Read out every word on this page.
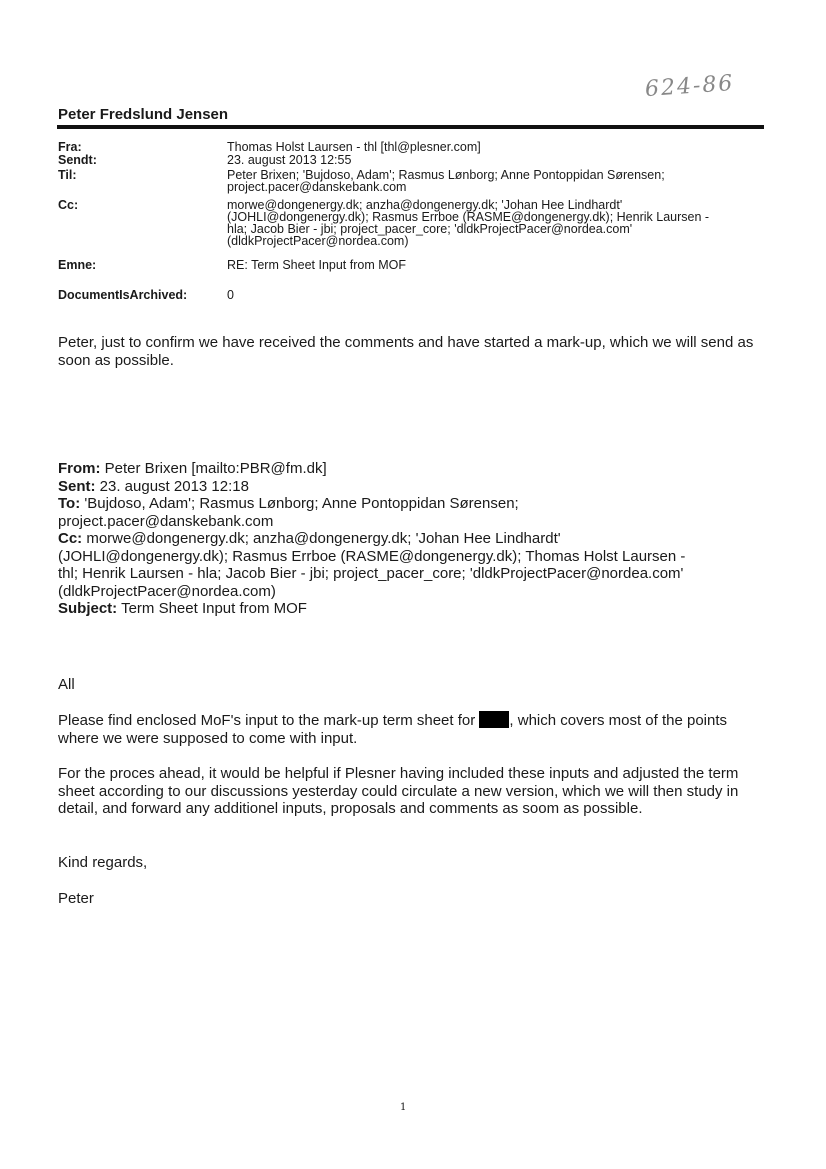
624-86
Peter Fredslund Jensen
Fra:	Thomas Holst Laursen - thl [thl@plesner.com]
Sendt:	23. august 2013 12:55
Til:	Peter Brixen; 'Bujdoso, Adam'; Rasmus Lønborg; Anne Pontoppidan Sørensen;
project.pacer@danskebank.com
Cc:	morwe@dongenergy.dk; anzha@dongenergy.dk; 'Johan Hee Lindhardt'
(JOHLI@dongenergy.dk); Rasmus Errboe (RASME@dongenergy.dk); Henrik Laursen -
hla; Jacob Bier - jbi; project_pacer_core; 'dldkProjectPacer@nordea.com'
(dldkProjectPacer@nordea.com)
Emne:	RE: Term Sheet Input from MOF
DocumentIsArchived:	0
Peter, just to confirm we have received the comments and have started a mark-up, which we will send as soon as possible.
From: Peter Brixen [mailto:PBR@fm.dk]
Sent: 23. august 2013 12:18
To: 'Bujdoso, Adam'; Rasmus Lønborg; Anne Pontoppidan Sørensen;
project.pacer@danskebank.com
Cc: morwe@dongenergy.dk; anzha@dongenergy.dk; 'Johan Hee Lindhardt'
(JOHLI@dongenergy.dk); Rasmus Errboe (RASME@dongenergy.dk); Thomas Holst Laursen -
thl; Henrik Laursen - hla; Jacob Bier - jbi; project_pacer_core; 'dldkProjectPacer@nordea.com'
(dldkProjectPacer@nordea.com)
Subject: Term Sheet Input from MOF
All

Please find enclosed MoF's input to the mark-up term sheet for , which covers most of the points where we were supposed to come with input.

For the proces ahead, it would be helpful if Plesner having included these inputs and adjusted the term sheet according to our discussions yesterday could circulate a new version, which we will then study in detail, and forward any additionel inputs, proposals and comments as soom as possible.
Kind regards,
Peter
1
